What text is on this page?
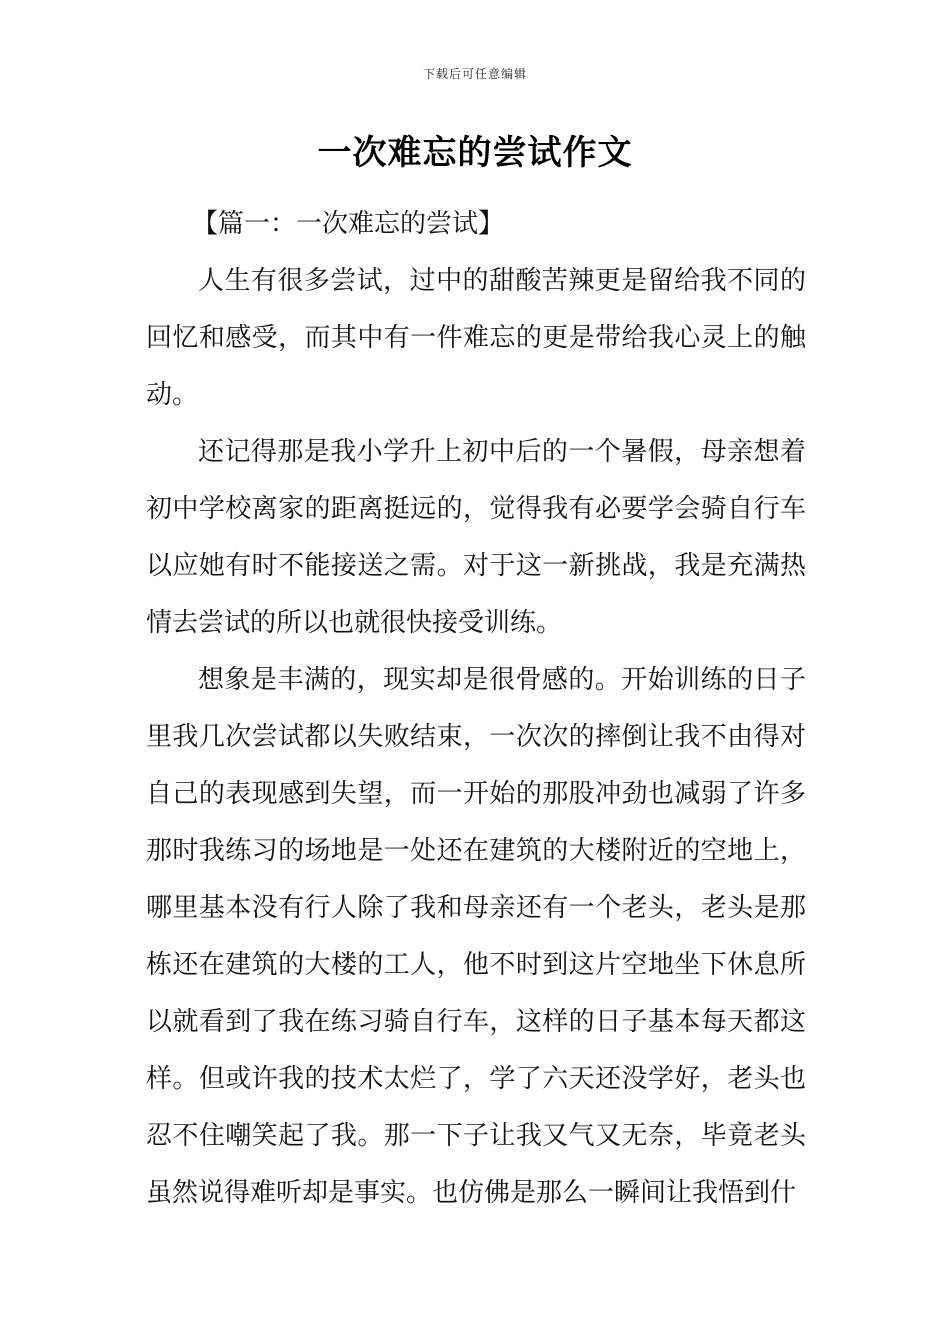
下载后可任意编辑
一次难忘的尝试作文

【篇一：一次难忘的尝试】

人生有很多尝试，过中的甜酸苦辣更是留给我不同的回忆和感受，而其中有一件难忘的更是带给我心灵上的触动。

还记得那是我小学升上初中后的一个暑假，母亲想着初中学校离家的距离挺远的，觉得我有必要学会骑自行车以应她有时不能接送之需。对于这一新挑战，我是充满热情去尝试的所以也就很快接受训练。

想象是丰满的，现实却是很骨感的。开始训练的日子里我几次尝试都以失败结束，一次次的摔倒让我不由得对自己的表现感到失望，而一开始的那股冲劲也减弱了许多那时我练习的场地是一处还在建筑的大楼附近的空地上，哪里基本没有行人除了我和母亲还有一个老头，老头是那栋还在建筑的大楼的工人，他不时到这片空地坐下休息所以就看到了我在练习骑自行车，这样的日子基本每天都这样。但或许我的技术太烂了，学了六天还没学好，老头也忍不住嘲笑起了我。那一下子让我又气又无奈，毕竟老头虽然说得难听却是事实。也仿佛是那么一瞬间让我悟到什
